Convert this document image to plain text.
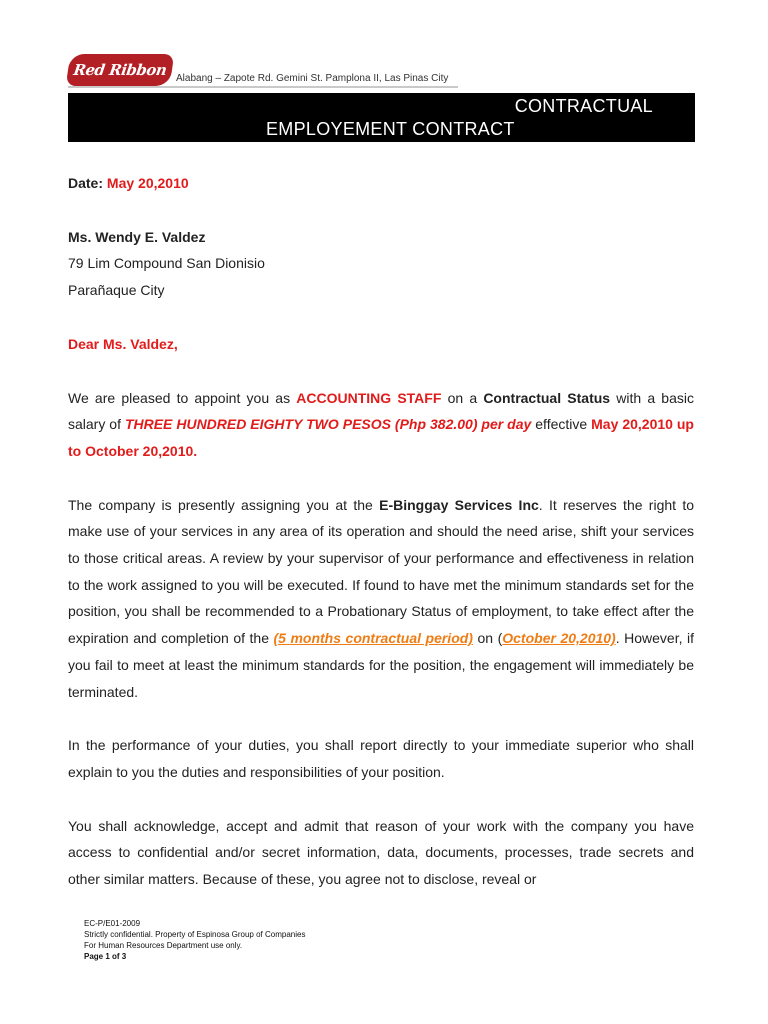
Red Ribbon Alabang – Zapote Rd. Gemini St. Pamplona II, Las Pinas City
CONTRACTUAL
EMPLOYEMENT CONTRACT
Date: May 20,2010
Ms. Wendy E. Valdez
79 Lim Compound San Dionisio
Parañaque City
Dear Ms. Valdez,

We are pleased to appoint you as ACCOUNTING STAFF on a Contractual Status with a basic salary of THREE HUNDRED EIGHTY TWO PESOS (Php 382.00) per day effective May 20,2010 up to October 20,2010.

The company is presently assigning you at the E-Binggay Services Inc. It reserves the right to make use of your services in any area of its operation and should the need arise, shift your services to those critical areas. A review by your supervisor of your performance and effectiveness in relation to the work assigned to you will be executed. If found to have met the minimum standards set for the position, you shall be recommended to a Probationary Status of employment, to take effect after the expiration and completion of the (5 months contractual period) on (October 20,2010). However, if you fail to meet at least the minimum standards for the position, the engagement will immediately be terminated.

In the performance of your duties, you shall report directly to your immediate superior who shall explain to you the duties and responsibilities of your position.

You shall acknowledge, accept and admit that reason of your work with the company you have access to confidential and/or secret information, data, documents, processes, trade secrets and other similar matters. Because of these, you agree not to disclose, reveal or

EC-P/E01-2009
Strictly confidential. Property of Espinosa Group of Companies
For Human Resources Department use only.
Page 1 of 3
